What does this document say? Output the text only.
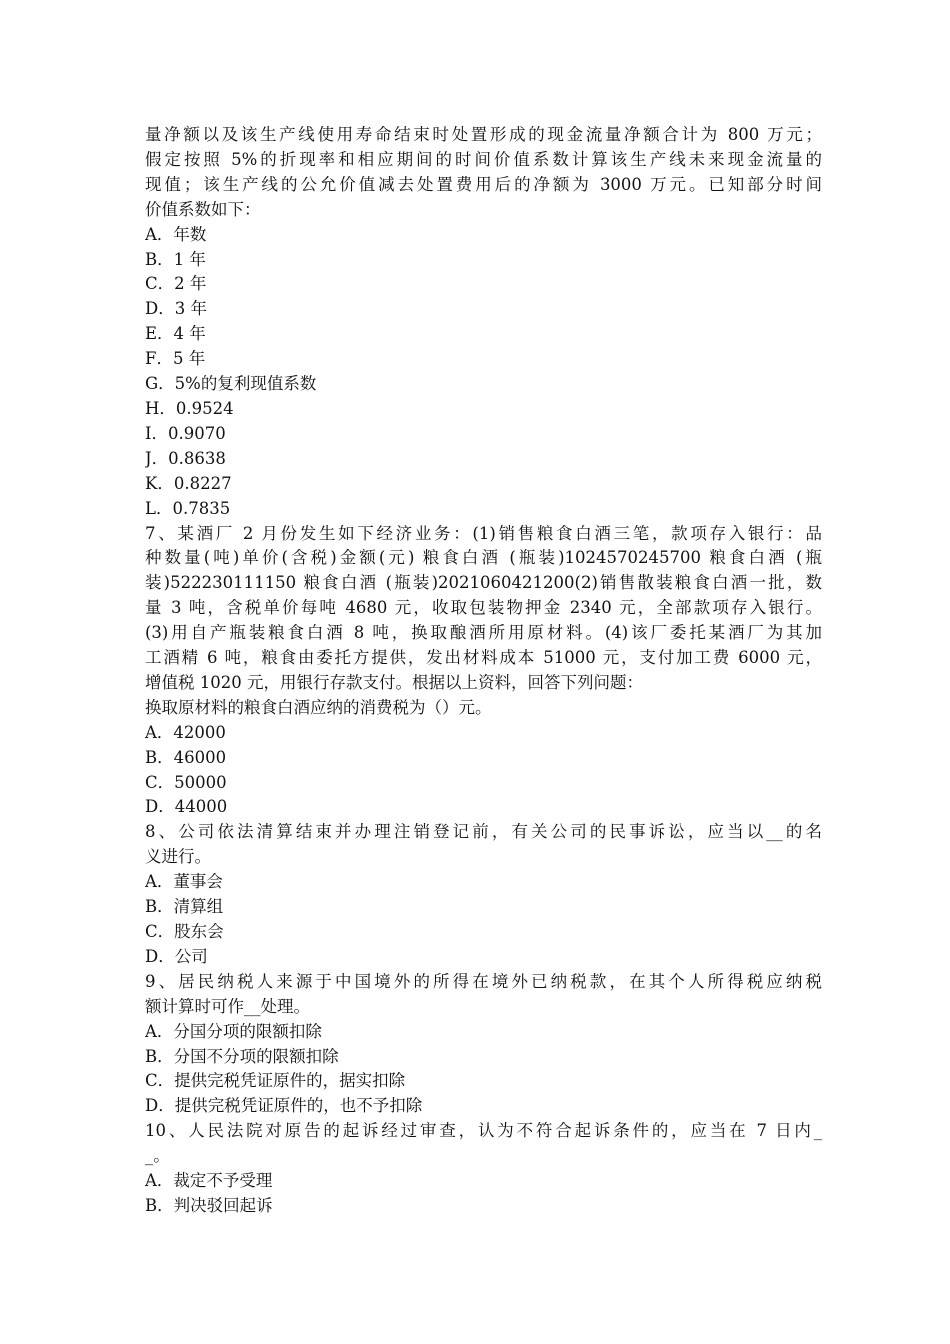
量净额以及该生产线使用寿命结束时处置形成的现金流量净额合计为 800 万元；
假定按照 5%的折现率和相应期间的时间价值系数计算该生产线未来现金流量的
现值；该生产线的公允价值减去处置费用后的净额为 3000 万元。已知部分时间
价值系数如下：
A．年数
B．1 年
C．2 年
D．3 年
E．4 年
F．5 年
G．5%的复利现值系数
H．0.9524
I．0.9070
J．0.8638
K．0.8227
L．0.7835
7、某酒厂 2 月份发生如下经济业务：(1)销售粮食白酒三笔，款项存入银行：品
种数量(吨)单价(含税)金额(元) 粮食白酒 (瓶装)1024570245700 粮食白酒 (瓶
装)522230111150 粮食白酒 (瓶装)2021060421200(2)销售散装粮食白酒一批，数
量 3 吨，含税单价每吨 4680 元，收取包装物押金 2340 元，全部款项存入银行。
(3)用自产瓶装粮食白酒 8 吨，换取酿酒所用原材料。(4)该厂委托某酒厂为其加
工酒精 6 吨，粮食由委托方提供，发出材料成本 51000 元，支付加工费 6000 元，
增值税 1020 元，用银行存款支付。根据以上资料，回答下列问题：
换取原材料的粮食白酒应纳的消费税为（）元。
A．42000
B．46000
C．50000
D．44000
8、公司依法清算结束并办理注销登记前，有关公司的民事诉讼，应当以__的名
义进行。
A．董事会
B．清算组
C．股东会
D．公司
9、居民纳税人来源于中国境外的所得在境外已纳税款，在其个人所得税应纳税
额计算时可作__处理。
A．分国分项的限额扣除
B．分国不分项的限额扣除
C．提供完税凭证原件的，据实扣除
D．提供完税凭证原件的，也不予扣除
10、人民法院对原告的起诉经过审查，认为不符合起诉条件的，应当在 7 日内_
_。
A．裁定不予受理
B．判决驳回起诉
